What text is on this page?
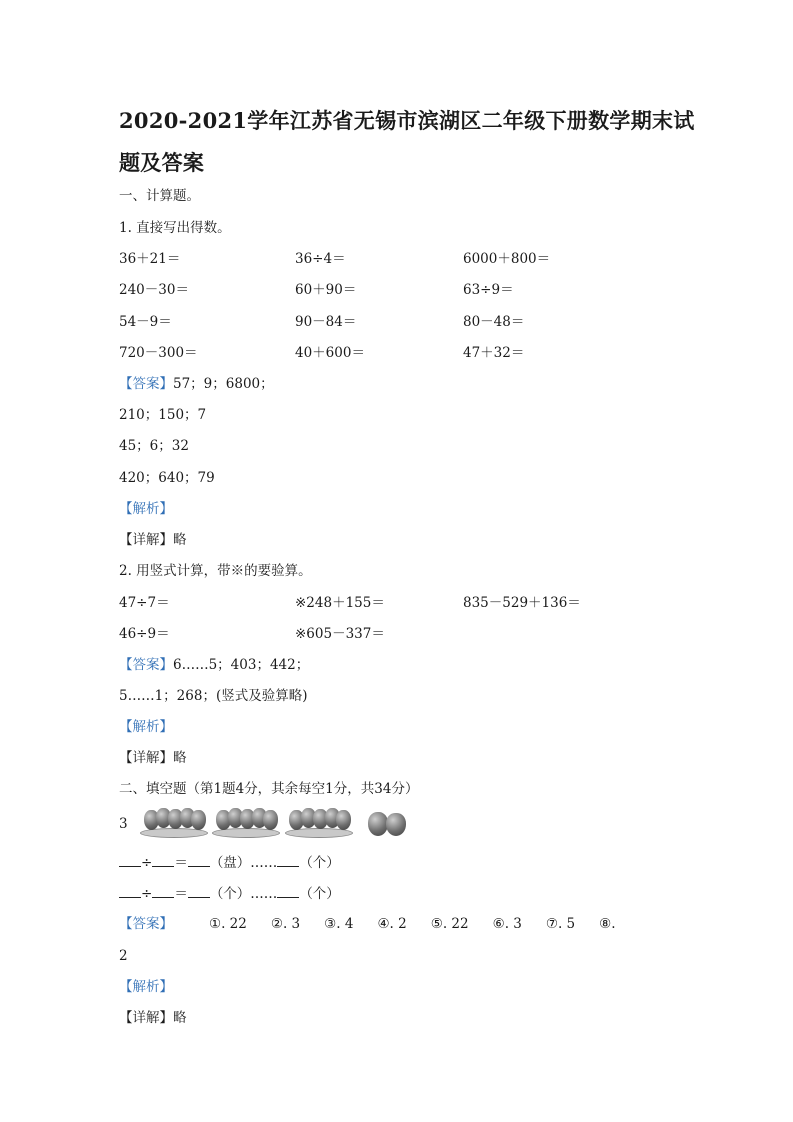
2020-2021学年江苏省无锡市滨湖区二年级下册数学期末试
题及答案
一、计算题。
1. 直接写出得数。
36＋21＝	36÷4＝	6000＋800＝
240－30＝	60＋90＝	63÷9＝
54－9＝	90－84＝	80－48＝
720－300＝	40＋600＝	47＋32＝
【答案】57；9；6800；
210；150；7
45；6；32
420；640；79
【解析】
【详解】略
2. 用竖式计算，带※的要验算。
47÷7＝	※248＋155＝	835－529＋136＝
46÷9＝	※605－337＝
【答案】6……5；403；442；
5……1；268；(竖式及验算略)
【解析】
【详解】略
二、填空题（第1题4分，其余每空1分，共34分）
3
÷ ＝ （盘）…… （个）
÷ ＝ （个）…… （个）
【答案】	①. 22 ②. 3 ③. 4 ④. 2 ⑤. 22 ⑥. 3 ⑦. 5 ⑧.
2
【解析】
【详解】略
